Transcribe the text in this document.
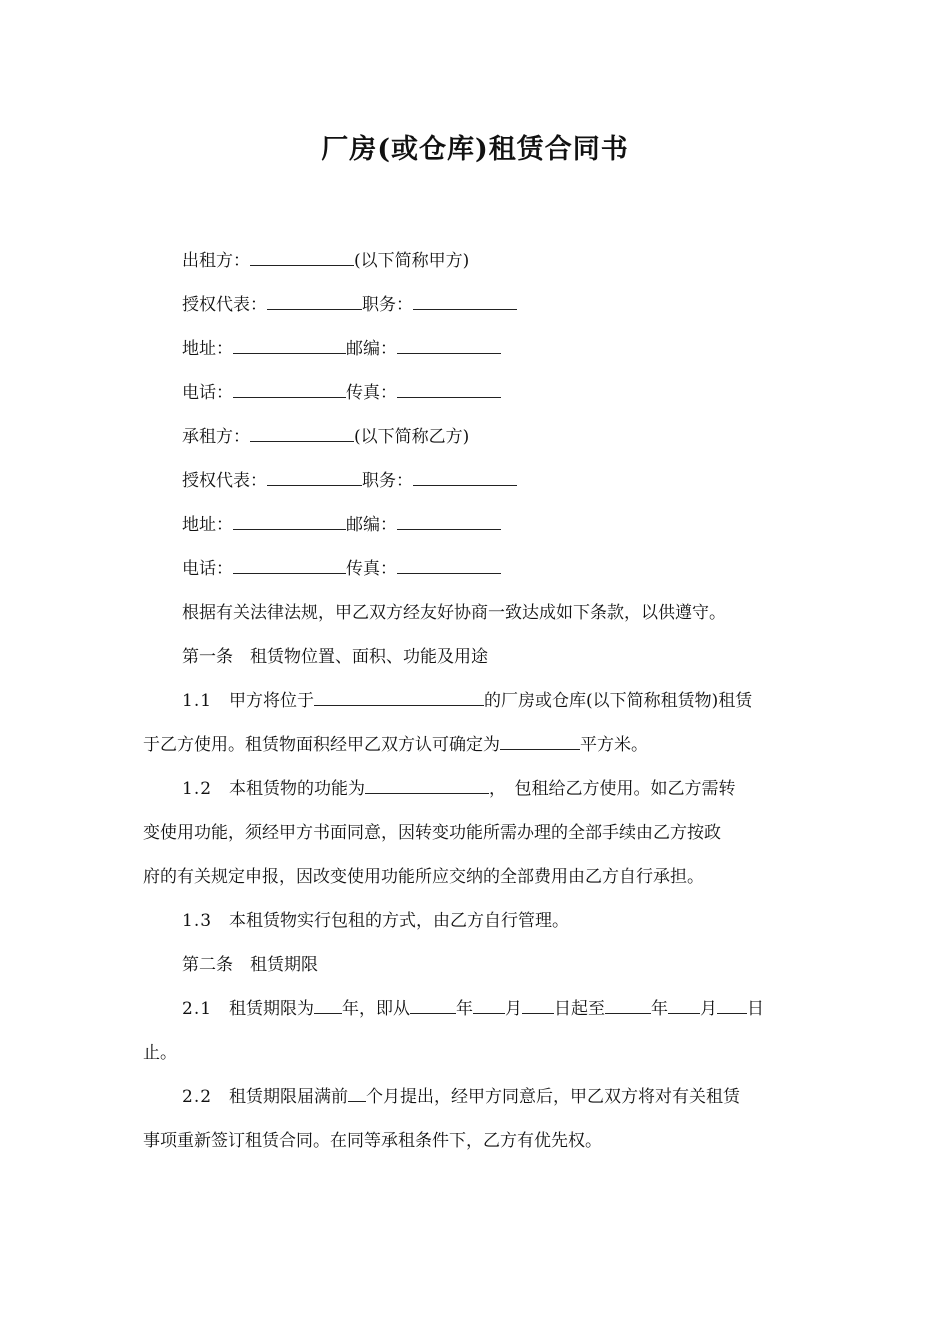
厂房(或仓库)租赁合同书
出租方：	(以下简称甲方)
授权代表：	职务：
地址：	邮编：
电话：	传真：
承租方：	(以下简称乙方)
授权代表：	职务：
地址：	邮编：
电话：	传真：
根据有关法律法规，甲乙双方经友好协商一致达成如下条款，以供遵守。
第一条　租赁物位置、面积、功能及用途
1.1　 甲方将位于	的厂房或仓库(以下简称租赁物)租赁
于乙方使用。租赁物面积经甲乙双方认可确定为	平方米。
1.2　 本租赁物的功能为	，　包租给乙方使用。如乙方需转
变使用功能，须经甲方书面同意，因转变功能所需办理的全部手续由乙方按政
府的有关规定申报，因改变使用功能所应交纳的全部费用由乙方自行承担。
1.3　 本租赁物实行包租的方式，由乙方自行管理。
第二条　租赁期限
2.1　 租赁期限为 年，即从	年 月 日起至	年 月 日
止。
2.2　 租赁期限届满前 个月提出，经甲方同意后，甲乙双方将对有关租赁
事项重新签订租赁合同。在同等承租条件下，乙方有优先权。
